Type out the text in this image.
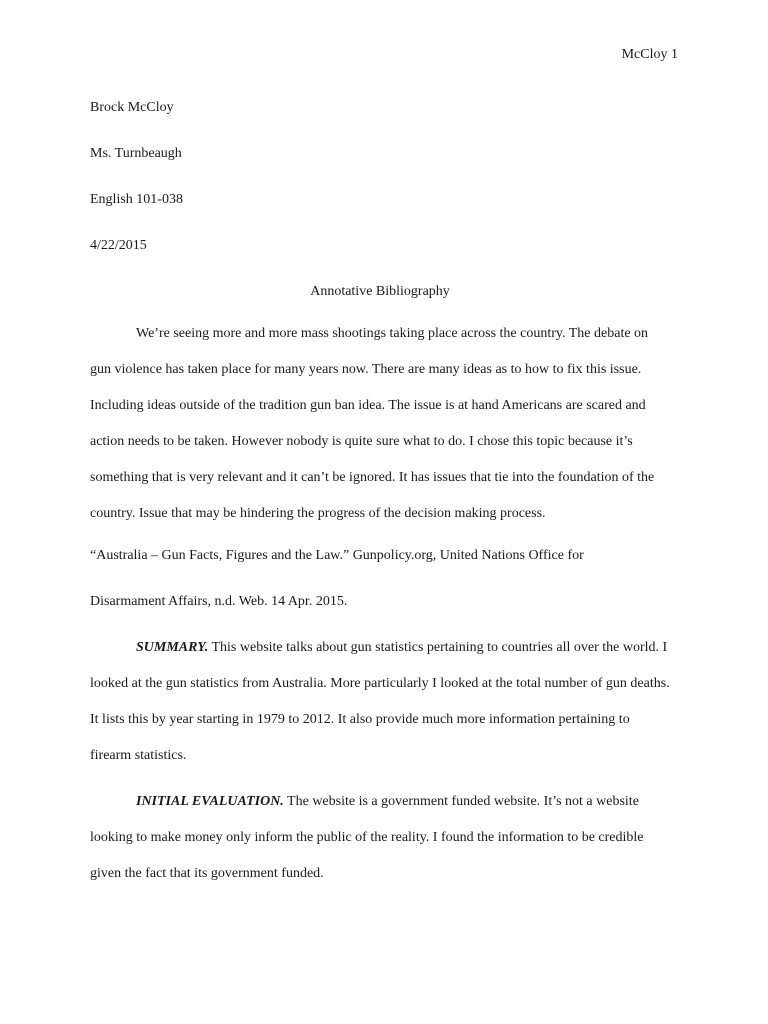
McCloy 1

Brock McCloy

Ms. Turnbeaugh

English 101-038

4/22/2015

Annotative Bibliography

We’re seeing more and more mass shootings taking place across the country. The debate on gun violence has taken place for many years now. There are many ideas as to how to fix this issue. Including ideas outside of the tradition gun ban idea. The issue is at hand Americans are scared and action needs to be taken. However nobody is quite sure what to do. I chose this topic because it’s something that is very relevant and it can’t be ignored. It has issues that tie into the foundation of the country. Issue that may be hindering the progress of the decision making process.

“Australia – Gun Facts, Figures and the Law.” Gunpolicy.org, United Nations Office for

Disarmament Affairs, n.d. Web. 14 Apr. 2015.

SUMMARY. This website talks about gun statistics pertaining to countries all over the world. I looked at the gun statistics from Australia. More particularly I looked at the total number of gun deaths. It lists this by year starting in 1979 to 2012. It also provide much more information pertaining to firearm statistics.

INITIAL EVALUATION. The website is a government funded website. It’s not a website looking to make money only inform the public of the reality. I found the information to be credible given the fact that its government funded.
